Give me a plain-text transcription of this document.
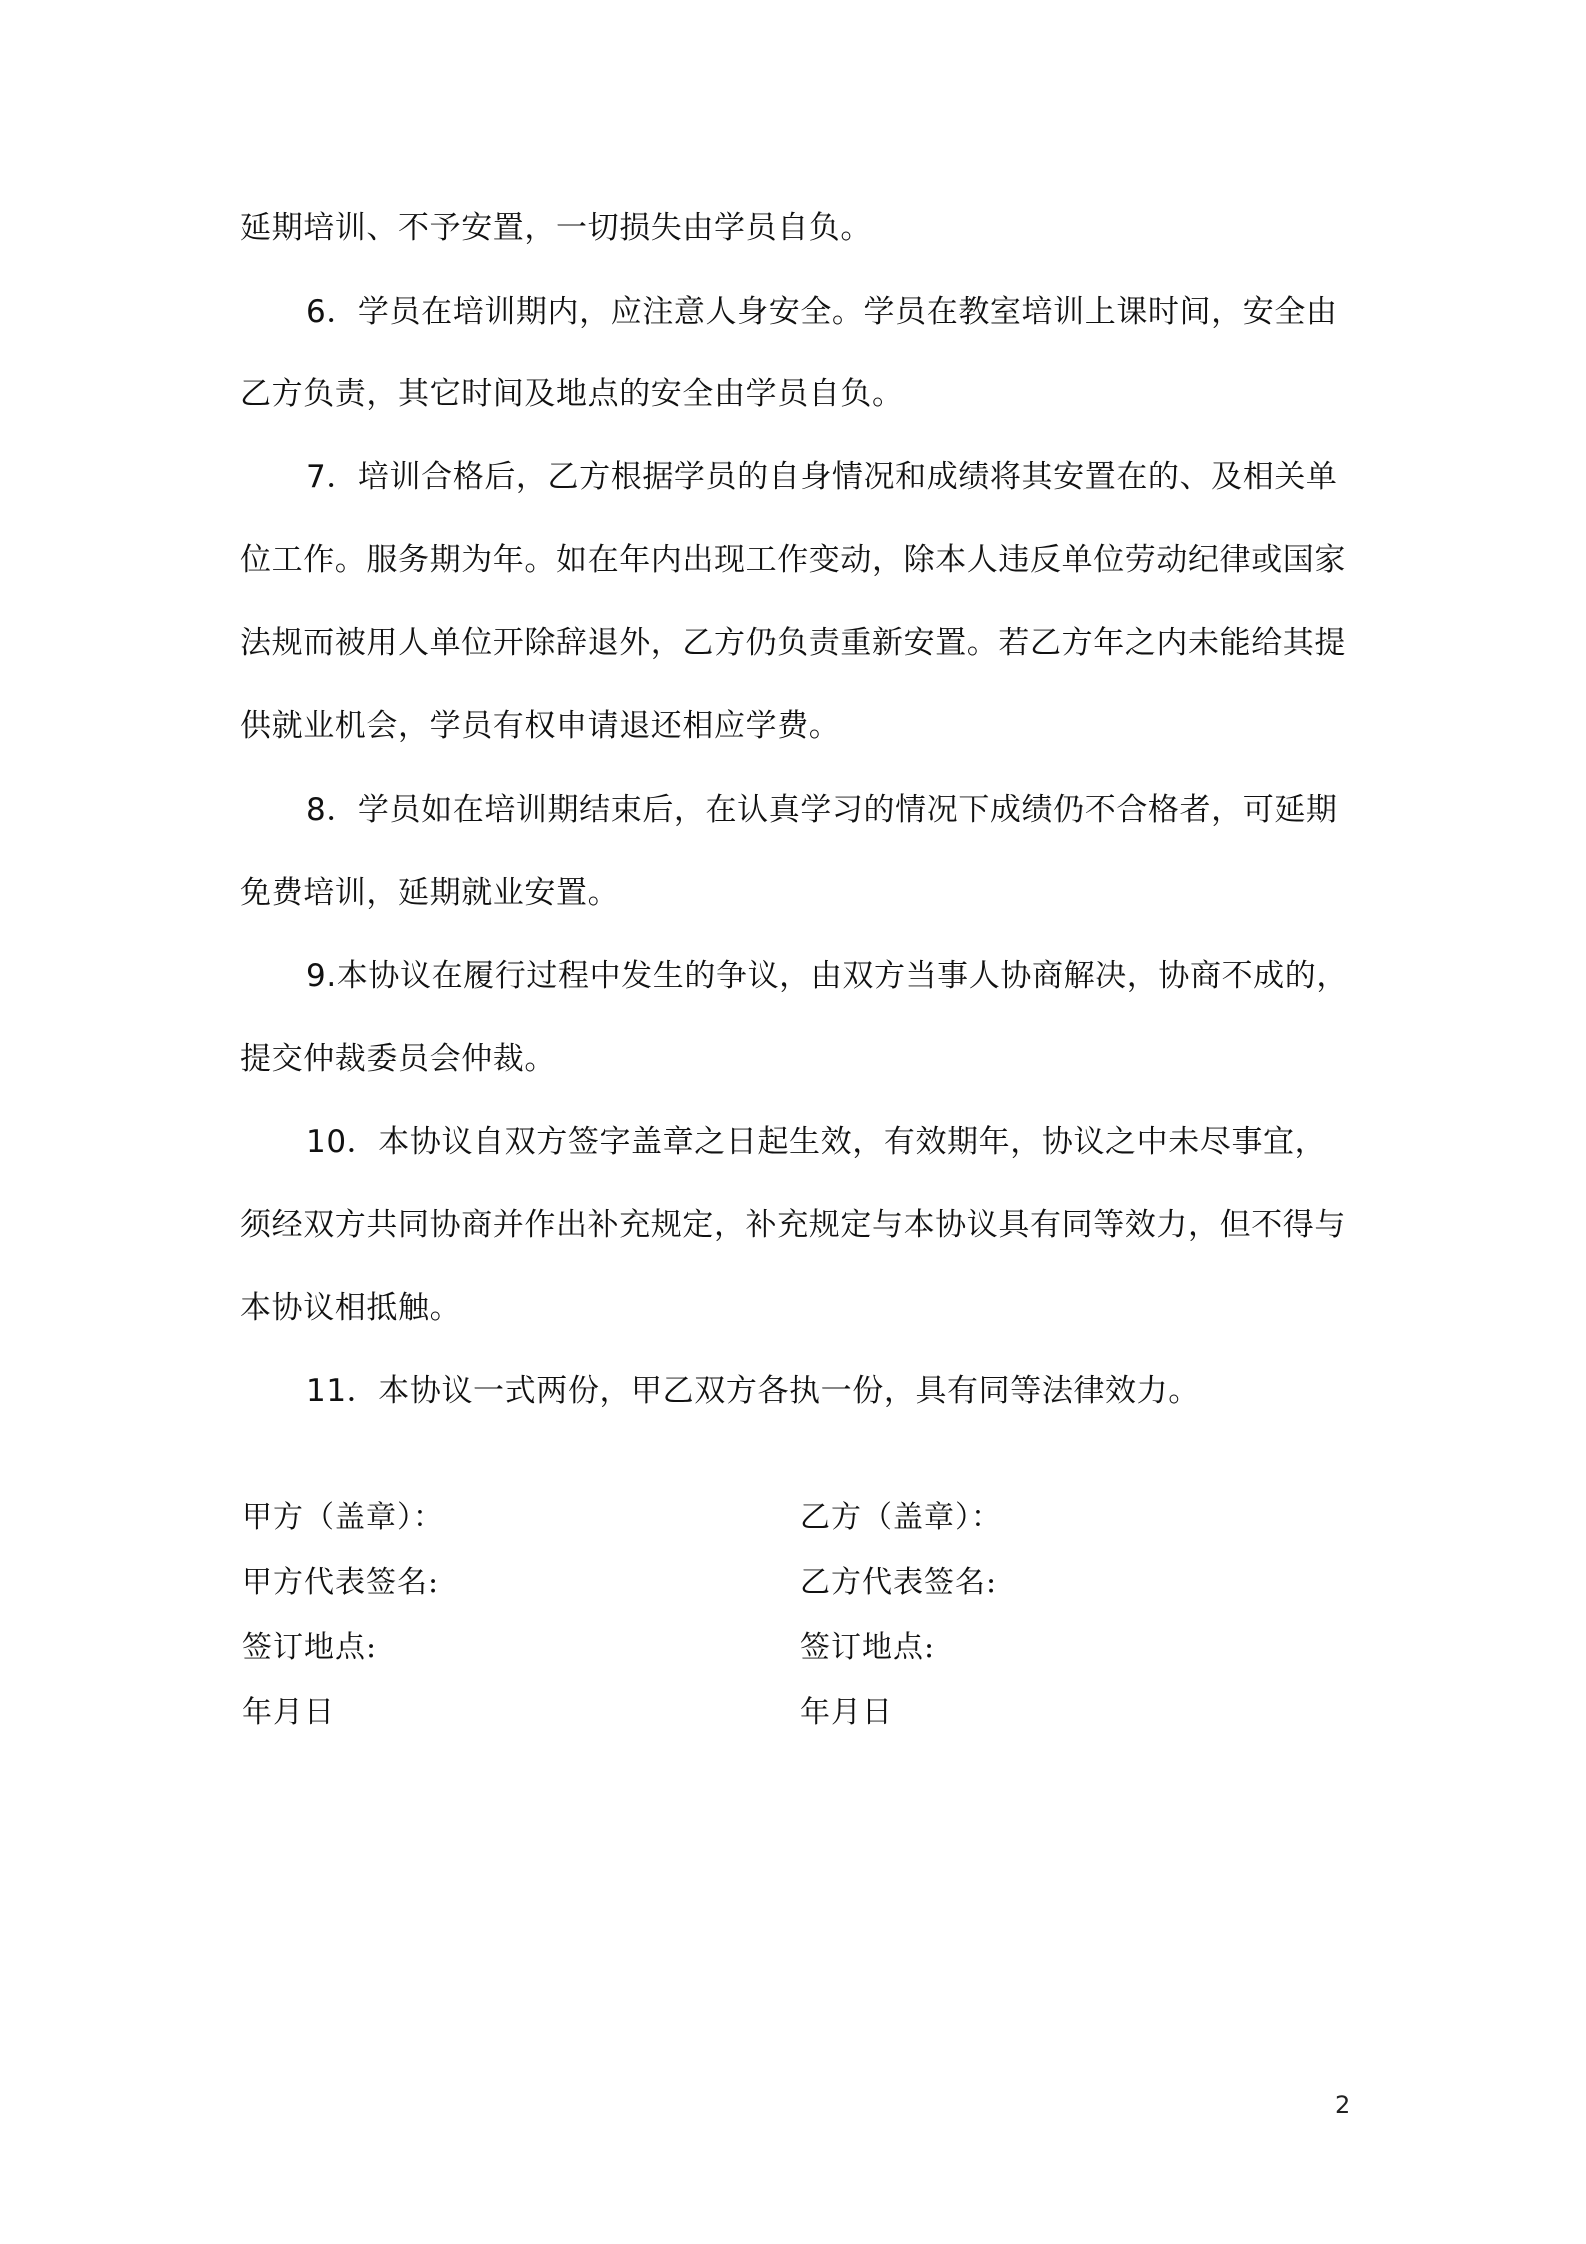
延期培训、不予安置，一切损失由学员自负。
6．学员在培训期内，应注意人身安全。学员在教室培训上课时间，安全由
乙方负责，其它时间及地点的安全由学员自负。
7．培训合格后，乙方根据学员的自身情况和成绩将其安置在的、及相关单
位工作。服务期为年。如在年内出现工作变动，除本人违反单位劳动纪律或国家
法规而被用人单位开除辞退外，乙方仍负责重新安置。若乙方年之内未能给其提
供就业机会，学员有权申请退还相应学费。
8．学员如在培训期结束后，在认真学习的情况下成绩仍不合格者，可延期
免费培训，延期就业安置。
9.本协议在履行过程中发生的争议，由双方当事人协商解决，协商不成的，
提交仲裁委员会仲裁。
10．本协议自双方签字盖章之日起生效，有效期年，协议之中未尽事宜，
须经双方共同协商并作出补充规定，补充规定与本协议具有同等效力，但不得与
本协议相抵触。
11．本协议一式两份，甲乙双方各执一份，具有同等法律效力。
甲方（盖章）：	乙方（盖章）：
甲方代表签名:	乙方代表签名:
签订地点:	签订地点:
年月日	年月日
2
